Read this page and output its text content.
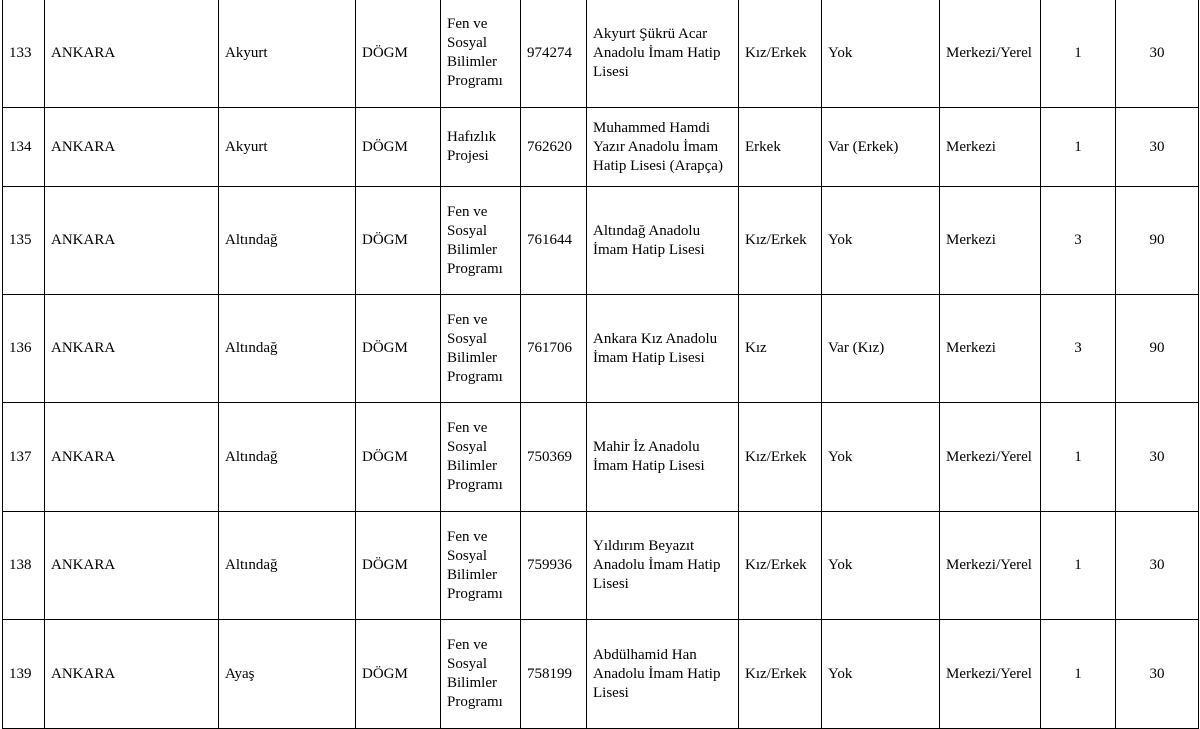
133	ANKARA	Akyurt	DÖGM	Fen ve Sosyal Bilimler Programı	974274	Akyurt Şükrü Acar Anadolu İmam Hatip Lisesi	Kız/Erkek	Yok	Merkezi/Yerel	1	30
134	ANKARA	Akyurt	DÖGM	Hafızlık Projesi	762620	Muhammed Hamdi Yazır Anadolu İmam Hatip Lisesi (Arapça)	Erkek	Var (Erkek)	Merkezi	1	30
135	ANKARA	Altındağ	DÖGM	Fen ve Sosyal Bilimler Programı	761644	Altındağ Anadolu İmam Hatip Lisesi	Kız/Erkek	Yok	Merkezi	3	90
136	ANKARA	Altındağ	DÖGM	Fen ve Sosyal Bilimler Programı	761706	Ankara Kız Anadolu İmam Hatip Lisesi	Kız	Var (Kız)	Merkezi	3	90
137	ANKARA	Altındağ	DÖGM	Fen ve Sosyal Bilimler Programı	750369	Mahir İz Anadolu İmam Hatip Lisesi	Kız/Erkek	Yok	Merkezi/Yerel	1	30
138	ANKARA	Altındağ	DÖGM	Fen ve Sosyal Bilimler Programı	759936	Yıldırım Beyazıt Anadolu İmam Hatip Lisesi	Kız/Erkek	Yok	Merkezi/Yerel	1	30
139	ANKARA	Ayaş	DÖGM	Fen ve Sosyal Bilimler Programı	758199	Abdülhamid Han Anadolu İmam Hatip Lisesi	Kız/Erkek	Yok	Merkezi/Yerel	1	30
